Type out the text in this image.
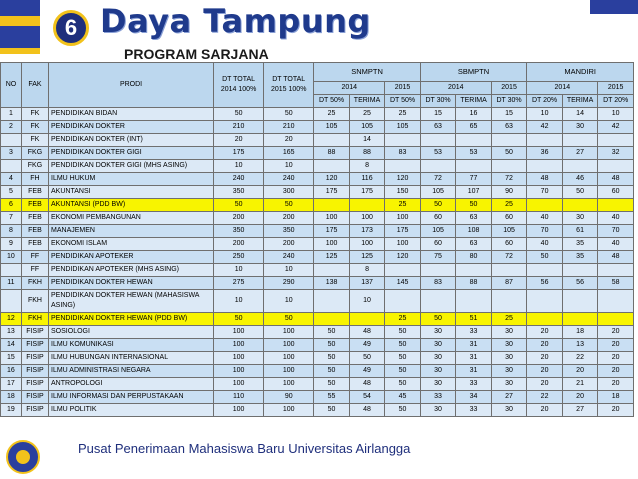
6 Daya Tampung
PROGRAM SARJANA
NO	FAK	PRODI	DT TOTAL 2014 100%	DT TOTAL 2015 100%	SNMPTN			SBMPTN			MANDIRI		
					2014		2015	2014		2015	2014		2015
					DT 50%	TERIMA	DT 50%	DT 30%	TERIMA	DT 30%	DT 20%	TERIMA	DT 20%
1	FK	PENDIDIKAN BIDAN	50	50	25	25	25	15	16	15	10	14	10
2	FK	PENDIDIKAN DOKTER	210	210	105	105	105	63	65	63	42	30	42
	FK	PENDIDIKAN DOKTER (INT)	20	20		14							
3	FKG	PENDIDIKAN DOKTER GIGI	175	165	88	88	83	53	53	50	36	27	32
	FKG	PENDIDIKAN DOKTER GIGI (MHS ASING)	10	10		8							
4	FH	ILMU HUKUM	240	240	120	116	120	72	77	72	48	46	48
5	FEB	AKUNTANSI	350	300	175	175	150	105	107	90	70	50	60
6	FEB	AKUNTANSI (PDD BW)	50	50			25	50	50	25			
7	FEB	EKONOMI PEMBANGUNAN	200	200	100	100	100	60	63	60	40	30	40
8	FEB	MANAJEMEN	350	350	175	173	175	105	108	105	70	61	70
9	FEB	EKONOMI ISLAM	200	200	100	100	100	60	63	60	40	35	40
10	FF	PENDIDIKAN APOTEKER	250	240	125	125	120	75	80	72	50	35	48
	FF	PENDIDIKAN APOTEKER (MHS ASING)	10	10		8							
11	FKH	PENDIDIKAN DOKTER HEWAN	275	290	138	137	145	83	88	87	56	56	58
	FKH	PENDIDIKAN DOKTER HEWAN (MAHASISWA ASING)	10	10		10							
12	FKH	PENDIDIKAN DOKTER HEWAN (PDD BW)	50	50			25	50	51	25			
13	FISIP	SOSIOLOGI	100	100	50	48	50	30	33	30	20	18	20
14	FISIP	ILMU KOMUNIKASI	100	100	50	49	50	30	31	30	20	13	20
15	FISIP	ILMU HUBUNGAN INTERNASIONAL	100	100	50	50	50	30	31	30	20	22	20
16	FISIP	ILMU ADMINISTRASI NEGARA	100	100	50	49	50	30	31	30	20	20	20
17	FISIP	ANTROPOLOGI	100	100	50	48	50	30	33	30	20	21	20
18	FISIP	ILMU INFORMASI DAN PERPUSTAKAAN	110	90	55	54	45	33	34	27	22	20	18
19	FISIP	ILMU POLITIK	100	100	50	48	50	30	33	30	20	27	20
Pusat Penerimaan Mahasiswa Baru Universitas Airlangga
